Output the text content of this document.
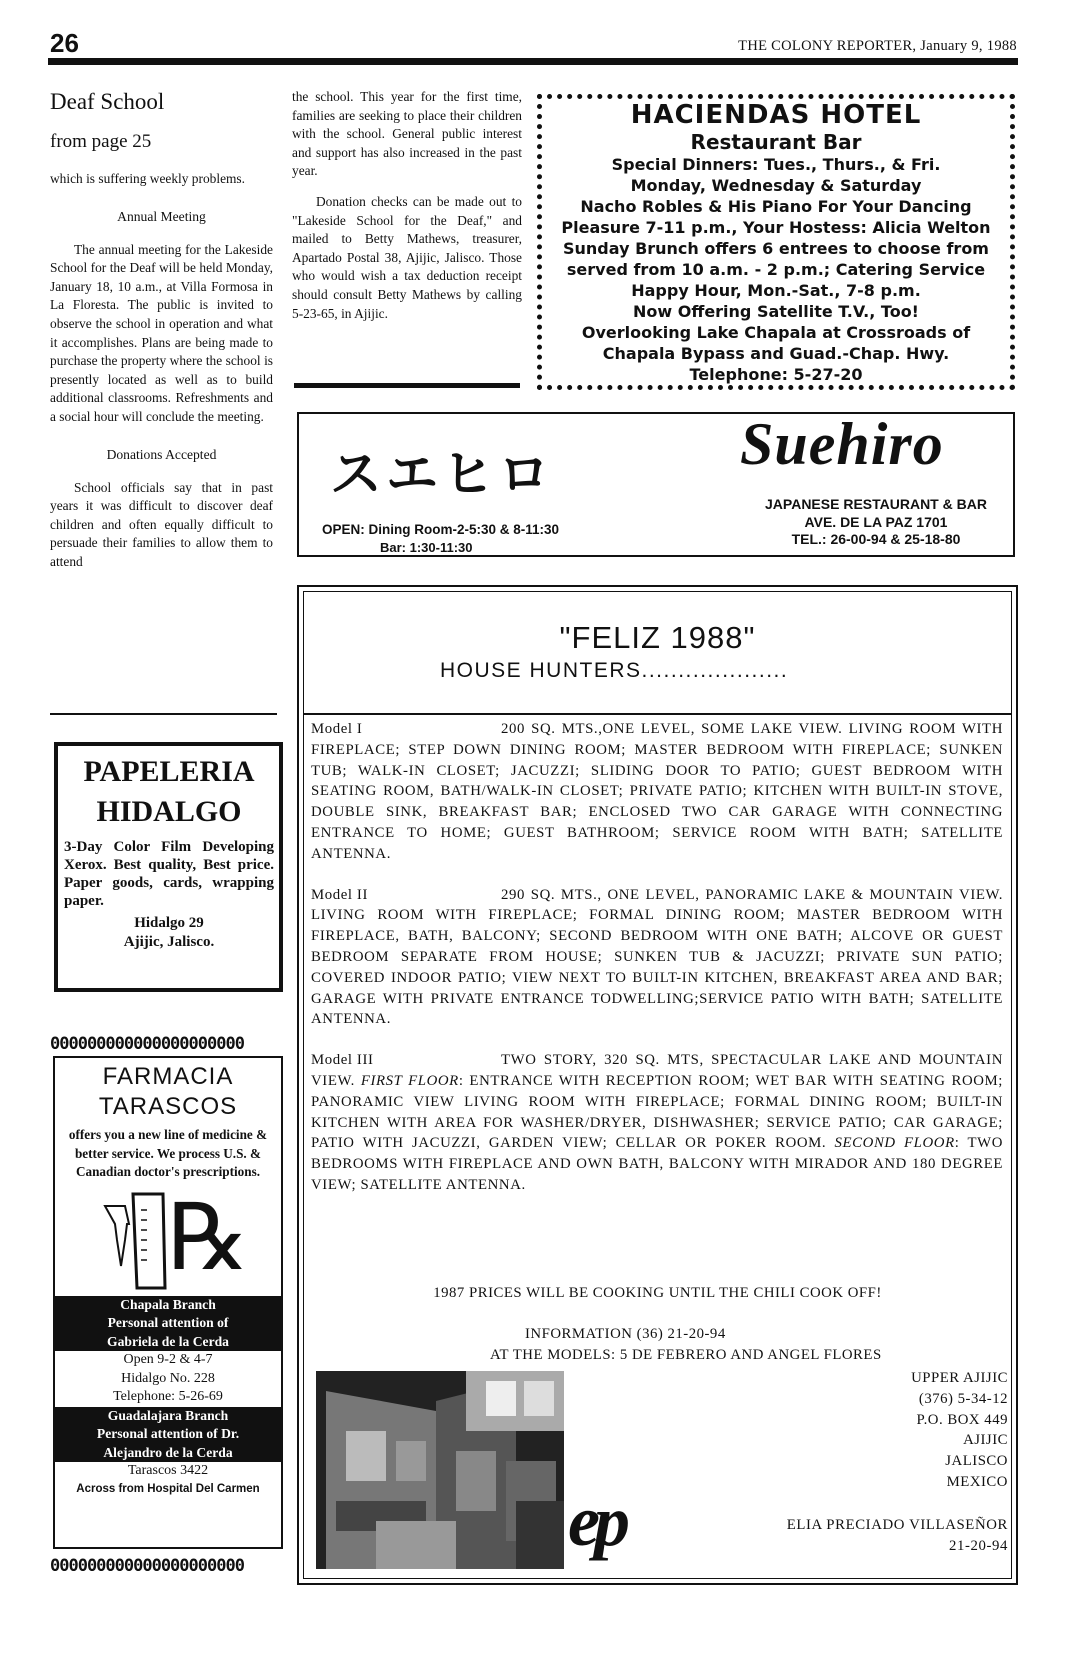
26	THE COLONY REPORTER, January 9, 1988
Deaf School
from page 25

which is suffering weekly problems.

Annual Meeting

The annual meeting for the Lakeside School for the Deaf will be held Monday, January 18, 10 a.m., at Villa Formosa in La Floresta. The public is invited to observe the school in operation and what it accomplishes. Plans are being made to purchase the property where the school is presently located as well as to build additional classrooms. Refreshments and a social hour will conclude the meeting.

Donations Accepted

School officials say that in past years it was difficult to discover deaf children and often equally difficult to persuade their families to allow them to attend

the school. This year for the first time, families are seeking to place their children with the school. General public interest and support has also increased in the past year.

Donation checks can be made out to "Lakeside School for the Deaf," and mailed to Betty Mathews, treasurer, Apartado Postal 38, Ajijic, Jalisco. Those who would wish a tax deduction receipt should consult Betty Mathews by calling 5-23-65, in Ajijic.

HACIENDAS HOTEL
Restaurant Bar
Special Dinners: Tues., Thurs., & Fri.
Monday, Wednesday & Saturday
Nacho Robles & His Piano For Your Dancing
Pleasure 7-11 p.m., Your Hostess: Alicia Welton
Sunday Brunch offers 6 entrees to choose from
served from 10 a.m. - 2 p.m.; Catering Service
Happy Hour, Mon.-Sat., 7-8 p.m.
Now Offering Satellite T.V., Too!
Overlooking Lake Chapala at Crossroads of
Chapala Bypass and Guad.-Chap. Hwy.
Telephone: 5-27-20
スエヒロ
OPEN: Dining Room-2-5:30 & 8-11:30
Bar: 1:30-11:30
Suehiro
JAPANESE RESTAURANT & BAR
AVE. DE LA PAZ 1701
TEL.: 26-00-94 & 25-18-80
PAPELERIA
HIDALGO
3-Day Color Film Developing Xerox. Best quality, Best price. Paper goods, cards, wrapping paper.
Hidalgo 29
Ajijic, Jalisco.
000000000000000000000
FARMACIA
TARASCOS
offers you a new line of medicine & better service. We process U.S. & Canadian doctor's prescriptions.
℞
Chapala Branch
Personal attention of
Gabriela de la Cerda
Open 9-2 & 4-7
Hidalgo No. 228
Telephone: 5-26-69
Guadalajara Branch
Personal attention of Dr.
Alejandro de la Cerda
Tarascos 3422
Across from Hospital Del Carmen
000000000000000000000
"FELIZ 1988"
HOUSE HUNTERS....................
Model I	200 SQ. MTS.,ONE LEVEL, SOME LAKE VIEW. LIVING ROOM WITH FIREPLACE; STEP DOWN DINING ROOM; MASTER BEDROOM WITH FIREPLACE; SUNKEN TUB; WALK-IN CLOSET; JACUZZI; SLIDING DOOR TO PATIO; GUEST BEDROOM WITH SEATING ROOM, BATH/WALK-IN CLOSET; PRIVATE PATIO; KITCHEN WITH BUILT-IN STOVE, DOUBLE SINK, BREAKFAST BAR; ENCLOSED TWO CAR GARAGE WITH CONNECTING ENTRANCE TO HOME; GUEST BATHROOM; SERVICE ROOM WITH BATH; SATELLITE ANTENNA.
Model II	290 SQ. MTS., ONE LEVEL, PANORAMIC LAKE & MOUNTAIN VIEW. LIVING ROOM WITH FIREPLACE; FORMAL DINING ROOM; MASTER BEDROOM WITH FIREPLACE, BATH, BALCONY; SECOND BEDROOM WITH ONE BATH; ALCOVE OR GUEST BEDROOM SEPARATE FROM HOUSE; SUNKEN TUB & JACUZZI; PRIVATE SUN PATIO; COVERED INDOOR PATIO; VIEW NEXT TO BUILT-IN KITCHEN, BREAKFAST AREA AND BAR; GARAGE WITH PRIVATE ENTRANCE TODWELLING;SERVICE PATIO WITH BATH; SATELLITE ANTENNA.
Model III	TWO STORY, 320 SQ. MTS, SPECTACULAR LAKE AND MOUNTAIN VIEW. FIRST FLOOR: ENTRANCE WITH RECEPTION ROOM; WET BAR WITH SEATING ROOM; PANORAMIC VIEW LIVING ROOM WITH FIREPLACE; FORMAL DINING ROOM; BUILT-IN KITCHEN WITH AREA FOR WASHER/DRYER, DISHWASHER; SERVICE PATIO; CAR GARAGE; PATIO WITH JACUZZI, GARDEN VIEW; CELLAR OR POKER ROOM. SECOND FLOOR: TWO BEDROOMS WITH FIREPLACE AND OWN BATH, BALCONY WITH MIRADOR AND 180 DEGREE VIEW; SATELLITE ANTENNA.
1987 PRICES WILL BE COOKING UNTIL THE CHILI COOK OFF!
INFORMATION (36) 21-20-94
AT THE MODELS: 5 DE FEBRERO AND ANGEL FLORES
UPPER AJIJIC
(376) 5-34-12
P.O. BOX 449
AJIJIC
JALISCO
MEXICO
ep	ELIA PRECIADO VILLASEÑOR
21-20-94
